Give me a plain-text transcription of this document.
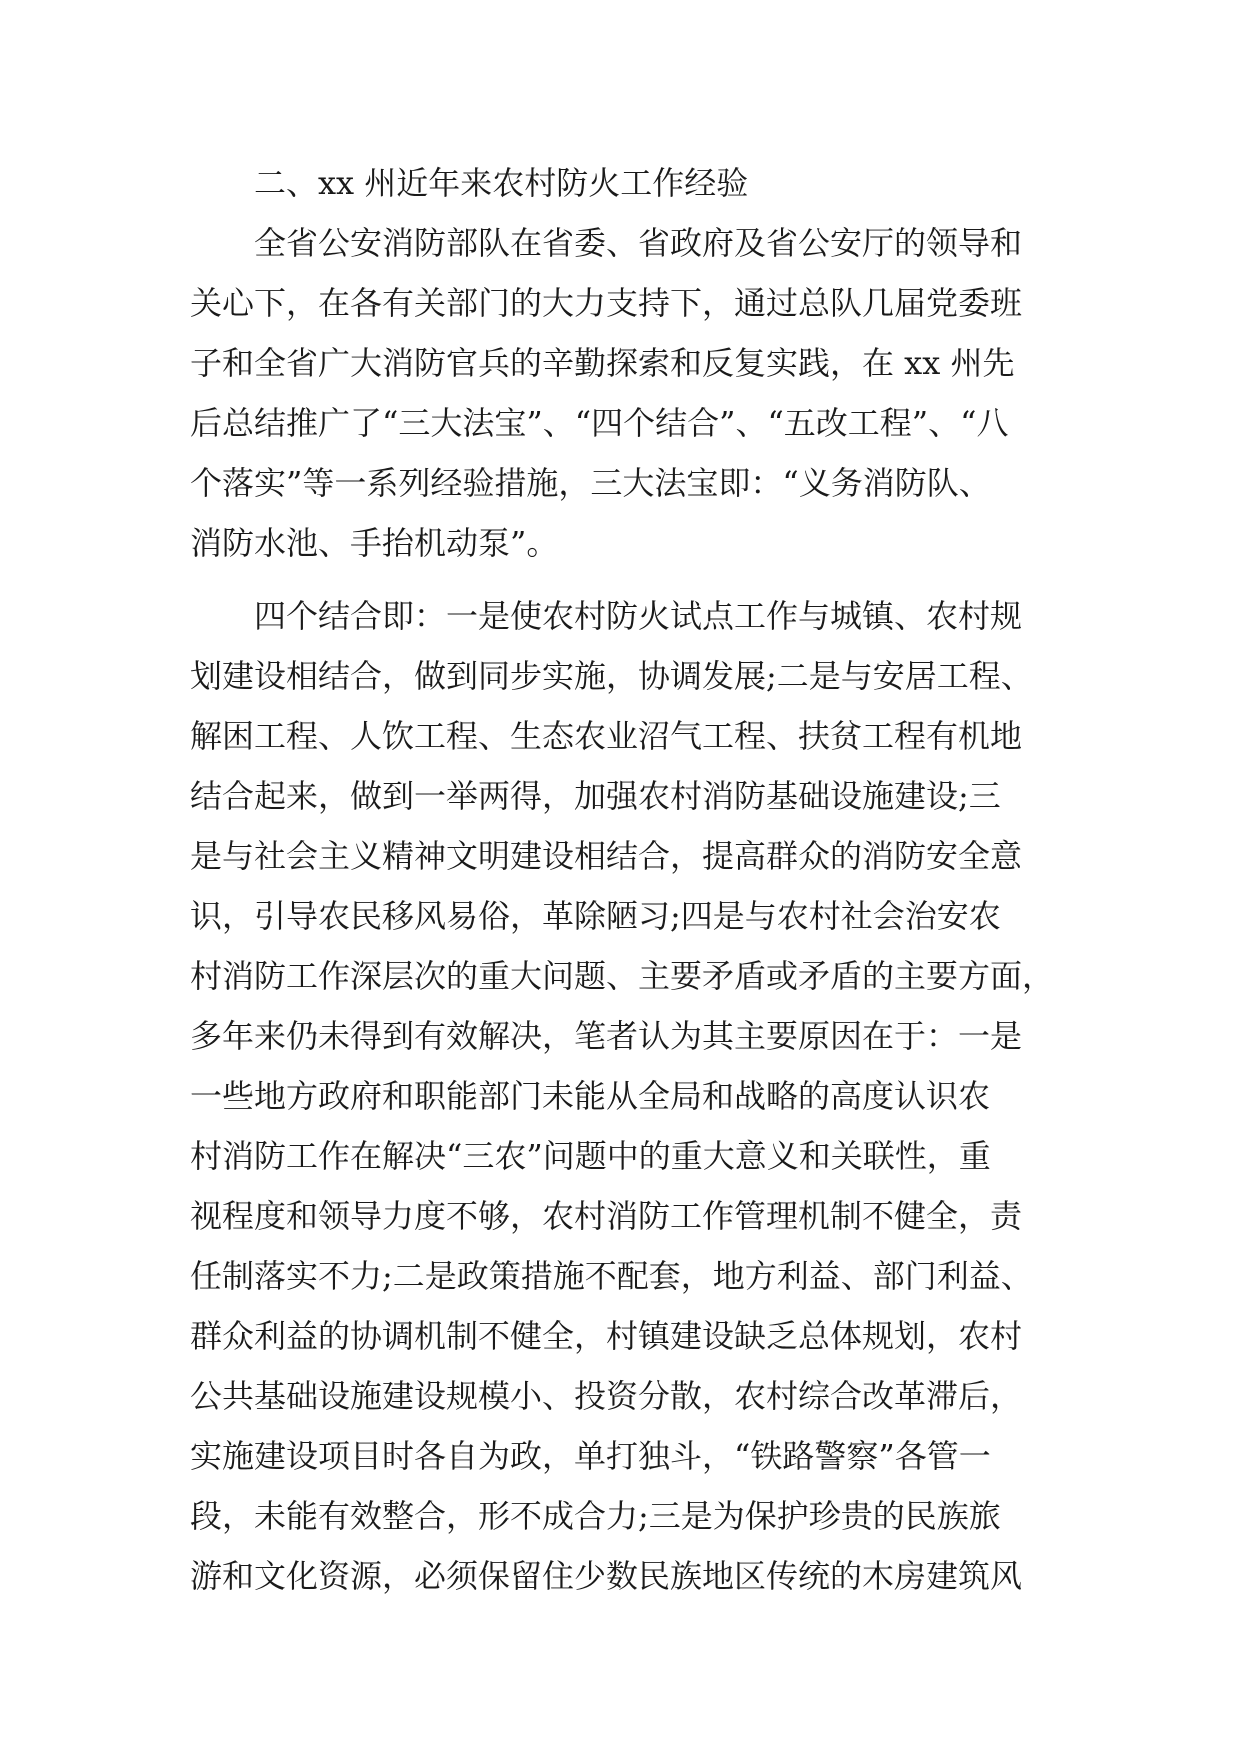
二、xx 州近年来农村防火工作经验
全省公安消防部队在省委、省政府及省公安厅的领导和
关心下，在各有关部门的大力支持下，通过总队几届党委班
子和全省广大消防官兵的辛勤探索和反复实践，在 xx 州先
后总结推广了“三大法宝”、“四个结合”、“五改工程”、“八
个落实”等一系列经验措施，三大法宝即：“义务消防队、
消防水池、手抬机动泵”。
四个结合即：一是使农村防火试点工作与城镇、农村规
划建设相结合，做到同步实施，协调发展;二是与安居工程、
解困工程、人饮工程、生态农业沼气工程、扶贫工程有机地
结合起来，做到一举两得，加强农村消防基础设施建设;三
是与社会主义精神文明建设相结合，提高群众的消防安全意
识，引导农民移风易俗，革除陋习;四是与农村社会治安农
村消防工作深层次的重大问题、主要矛盾或矛盾的主要方面，
多年来仍未得到有效解决，笔者认为其主要原因在于：一是
一些地方政府和职能部门未能从全局和战略的高度认识农
村消防工作在解决“三农”问题中的重大意义和关联性，重
视程度和领导力度不够，农村消防工作管理机制不健全，责
任制落实不力;二是政策措施不配套，地方利益、部门利益、
群众利益的协调机制不健全，村镇建设缺乏总体规划，农村
公共基础设施建设规模小、投资分散，农村综合改革滞后，
实施建设项目时各自为政，单打独斗，“铁路警察”各管一
段，未能有效整合，形不成合力;三是为保护珍贵的民族旅
游和文化资源，必须保留住少数民族地区传统的木房建筑风
